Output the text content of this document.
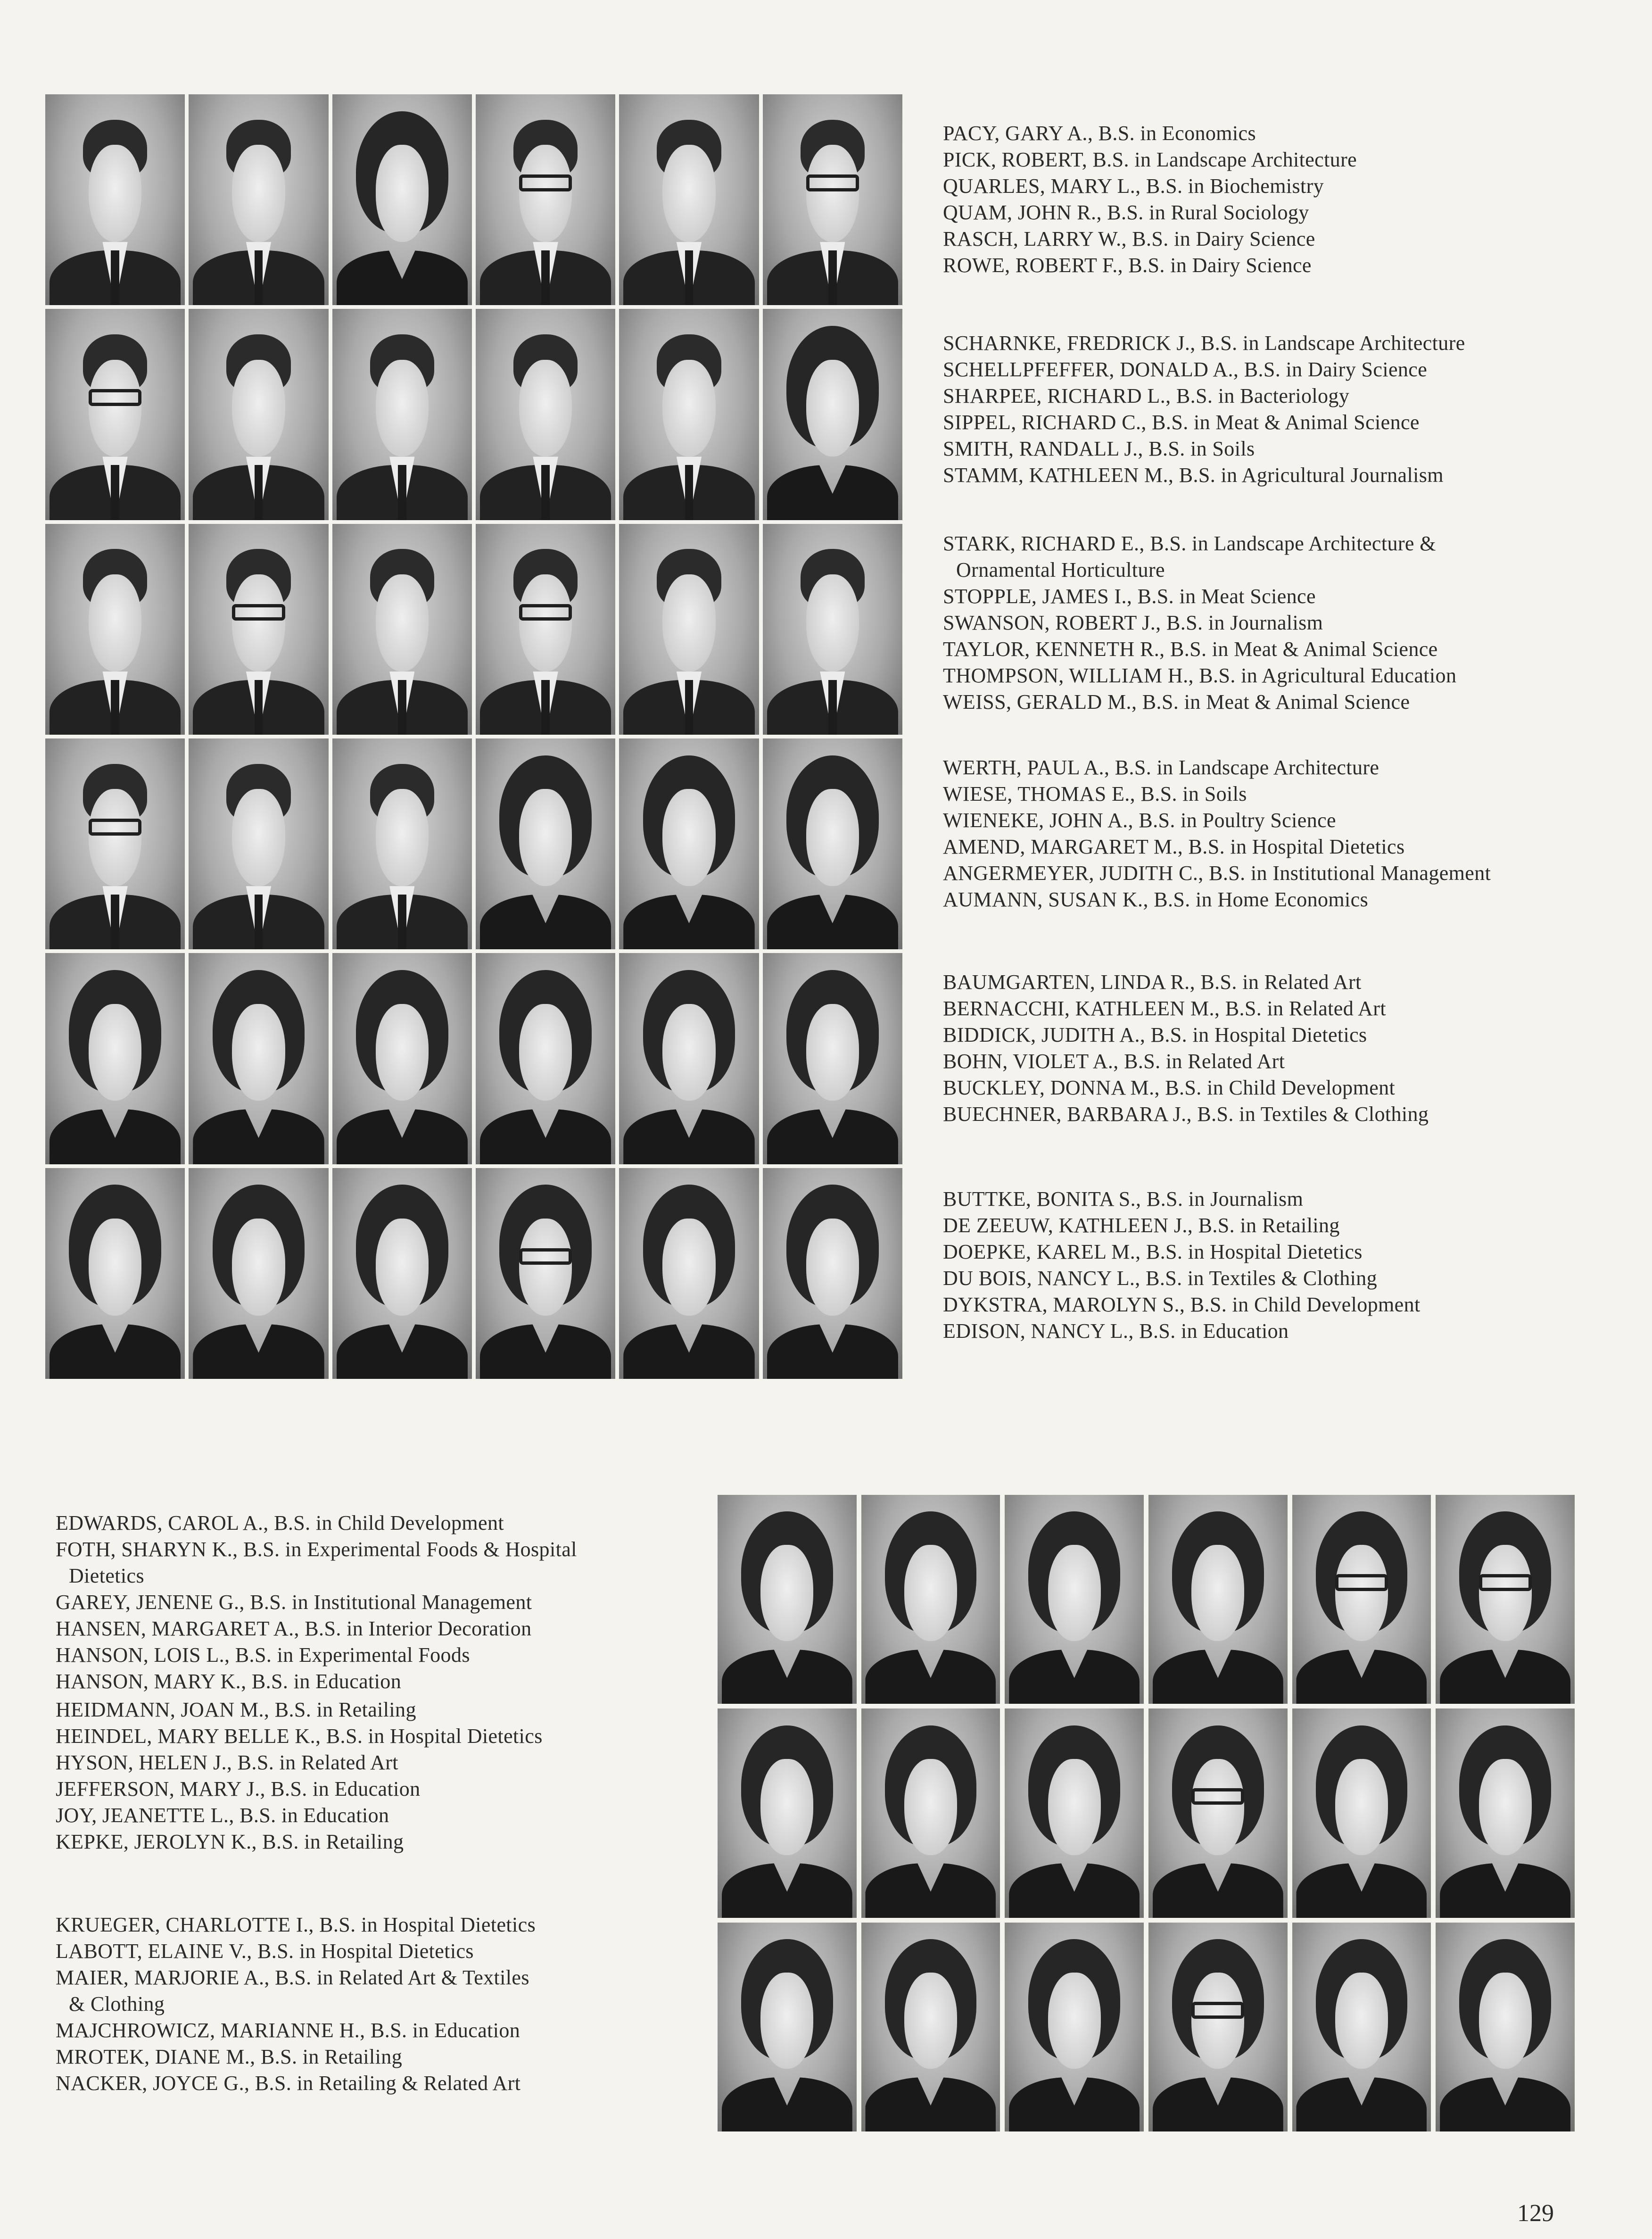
PACY, GARY A., B.S. in Economics
PICK, ROBERT, B.S. in Landscape Architecture
QUARLES, MARY L., B.S. in Biochemistry
QUAM, JOHN R., B.S. in Rural Sociology
RASCH, LARRY W., B.S. in Dairy Science
ROWE, ROBERT F., B.S. in Dairy Science
SCHARNKE, FREDRICK J., B.S. in Landscape Architecture
SCHELLPFEFFER, DONALD A., B.S. in Dairy Science
SHARPEE, RICHARD L., B.S. in Bacteriology
SIPPEL, RICHARD C., B.S. in Meat & Animal Science
SMITH, RANDALL J., B.S. in Soils
STAMM, KATHLEEN M., B.S. in Agricultural Journalism
STARK, RICHARD E., B.S. in Landscape Architecture &
Ornamental Horticulture
STOPPLE, JAMES I., B.S. in Meat Science
SWANSON, ROBERT J., B.S. in Journalism
TAYLOR, KENNETH R., B.S. in Meat & Animal Science
THOMPSON, WILLIAM H., B.S. in Agricultural Education
WEISS, GERALD M., B.S. in Meat & Animal Science
WERTH, PAUL A., B.S. in Landscape Architecture
WIESE, THOMAS E., B.S. in Soils
WIENEKE, JOHN A., B.S. in Poultry Science
AMEND, MARGARET M., B.S. in Hospital Dietetics
ANGERMEYER, JUDITH C., B.S. in Institutional Management
AUMANN, SUSAN K., B.S. in Home Economics
BAUMGARTEN, LINDA R., B.S. in Related Art
BERNACCHI, KATHLEEN M., B.S. in Related Art
BIDDICK, JUDITH A., B.S. in Hospital Dietetics
BOHN, VIOLET A., B.S. in Related Art
BUCKLEY, DONNA M., B.S. in Child Development
BUECHNER, BARBARA J., B.S. in Textiles & Clothing
BUTTKE, BONITA S., B.S. in Journalism
DE ZEEUW, KATHLEEN J., B.S. in Retailing
DOEPKE, KAREL M., B.S. in Hospital Dietetics
DU BOIS, NANCY L., B.S. in Textiles & Clothing
DYKSTRA, MAROLYN S., B.S. in Child Development
EDISON, NANCY L., B.S. in Education
EDWARDS, CAROL A., B.S. in Child Development
FOTH, SHARYN K., B.S. in Experimental Foods & Hospital
Dietetics
GAREY, JENENE G., B.S. in Institutional Management
HANSEN, MARGARET A., B.S. in Interior Decoration
HANSON, LOIS L., B.S. in Experimental Foods
HANSON, MARY K., B.S. in Education
HEIDMANN, JOAN M., B.S. in Retailing
HEINDEL, MARY BELLE K., B.S. in Hospital Dietetics
HYSON, HELEN J., B.S. in Related Art
JEFFERSON, MARY J., B.S. in Education
JOY, JEANETTE L., B.S. in Education
KEPKE, JEROLYN K., B.S. in Retailing
KRUEGER, CHARLOTTE I., B.S. in Hospital Dietetics
LABOTT, ELAINE V., B.S. in Hospital Dietetics
MAIER, MARJORIE A., B.S. in Related Art & Textiles
& Clothing
MAJCHROWICZ, MARIANNE H., B.S. in Education
MROTEK, DIANE M., B.S. in Retailing
NACKER, JOYCE G., B.S. in Retailing & Related Art
129
